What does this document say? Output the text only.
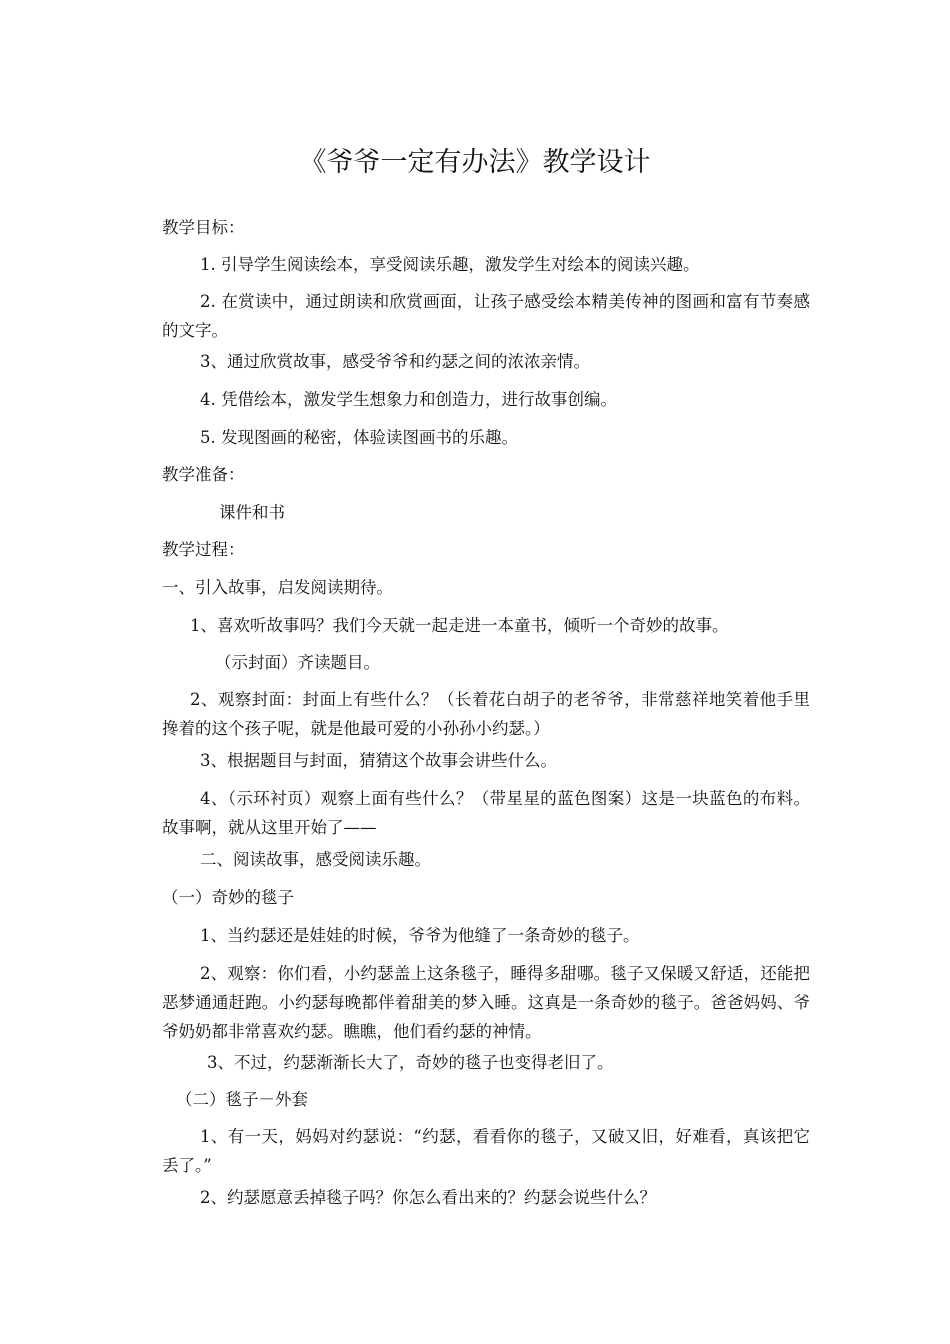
《爷爷一定有办法》教学设计

教学目标：

1. 引导学生阅读绘本，享受阅读乐趣，激发学生对绘本的阅读兴趣。

2. 在赏读中，通过朗读和欣赏画面，让孩子感受绘本精美传神的图画和富有节奏感的文字。

3、通过欣赏故事，感受爷爷和约瑟之间的浓浓亲情。

4. 凭借绘本，激发学生想象力和创造力，进行故事创编。

5. 发现图画的秘密，体验读图画书的乐趣。

教学准备：

课件和书

教学过程：

一、引入故事，启发阅读期待。

1、喜欢听故事吗？我们今天就一起走进一本童书，倾听一个奇妙的故事。

（示封面）齐读题目。

2、观察封面：封面上有些什么？（长着花白胡子的老爷爷，非常慈祥地笑着他手里搀着的这个孩子呢，就是他最可爱的小孙孙小约瑟。）

3、根据题目与封面，猜猜这个故事会讲些什么。

4、（示环衬页）观察上面有些什么？（带星星的蓝色图案）这是一块蓝色的布料。故事啊，就从这里开始了——

二、阅读故事，感受阅读乐趣。

（一）奇妙的毯子

1、当约瑟还是娃娃的时候，爷爷为他缝了一条奇妙的毯子。

2、观察：你们看，小约瑟盖上这条毯子，睡得多甜哪。毯子又保暖又舒适，还能把恶梦通通赶跑。小约瑟每晚都伴着甜美的梦入睡。这真是一条奇妙的毯子。爸爸妈妈、爷爷奶奶都非常喜欢约瑟。瞧瞧，他们看约瑟的神情。

3、不过，约瑟渐渐长大了，奇妙的毯子也变得老旧了。

（二）毯子－外套

1、有一天，妈妈对约瑟说：“约瑟，看看你的毯子，又破又旧，好难看，真该把它丢了。”

2、约瑟愿意丢掉毯子吗？你怎么看出来的？约瑟会说些什么？
